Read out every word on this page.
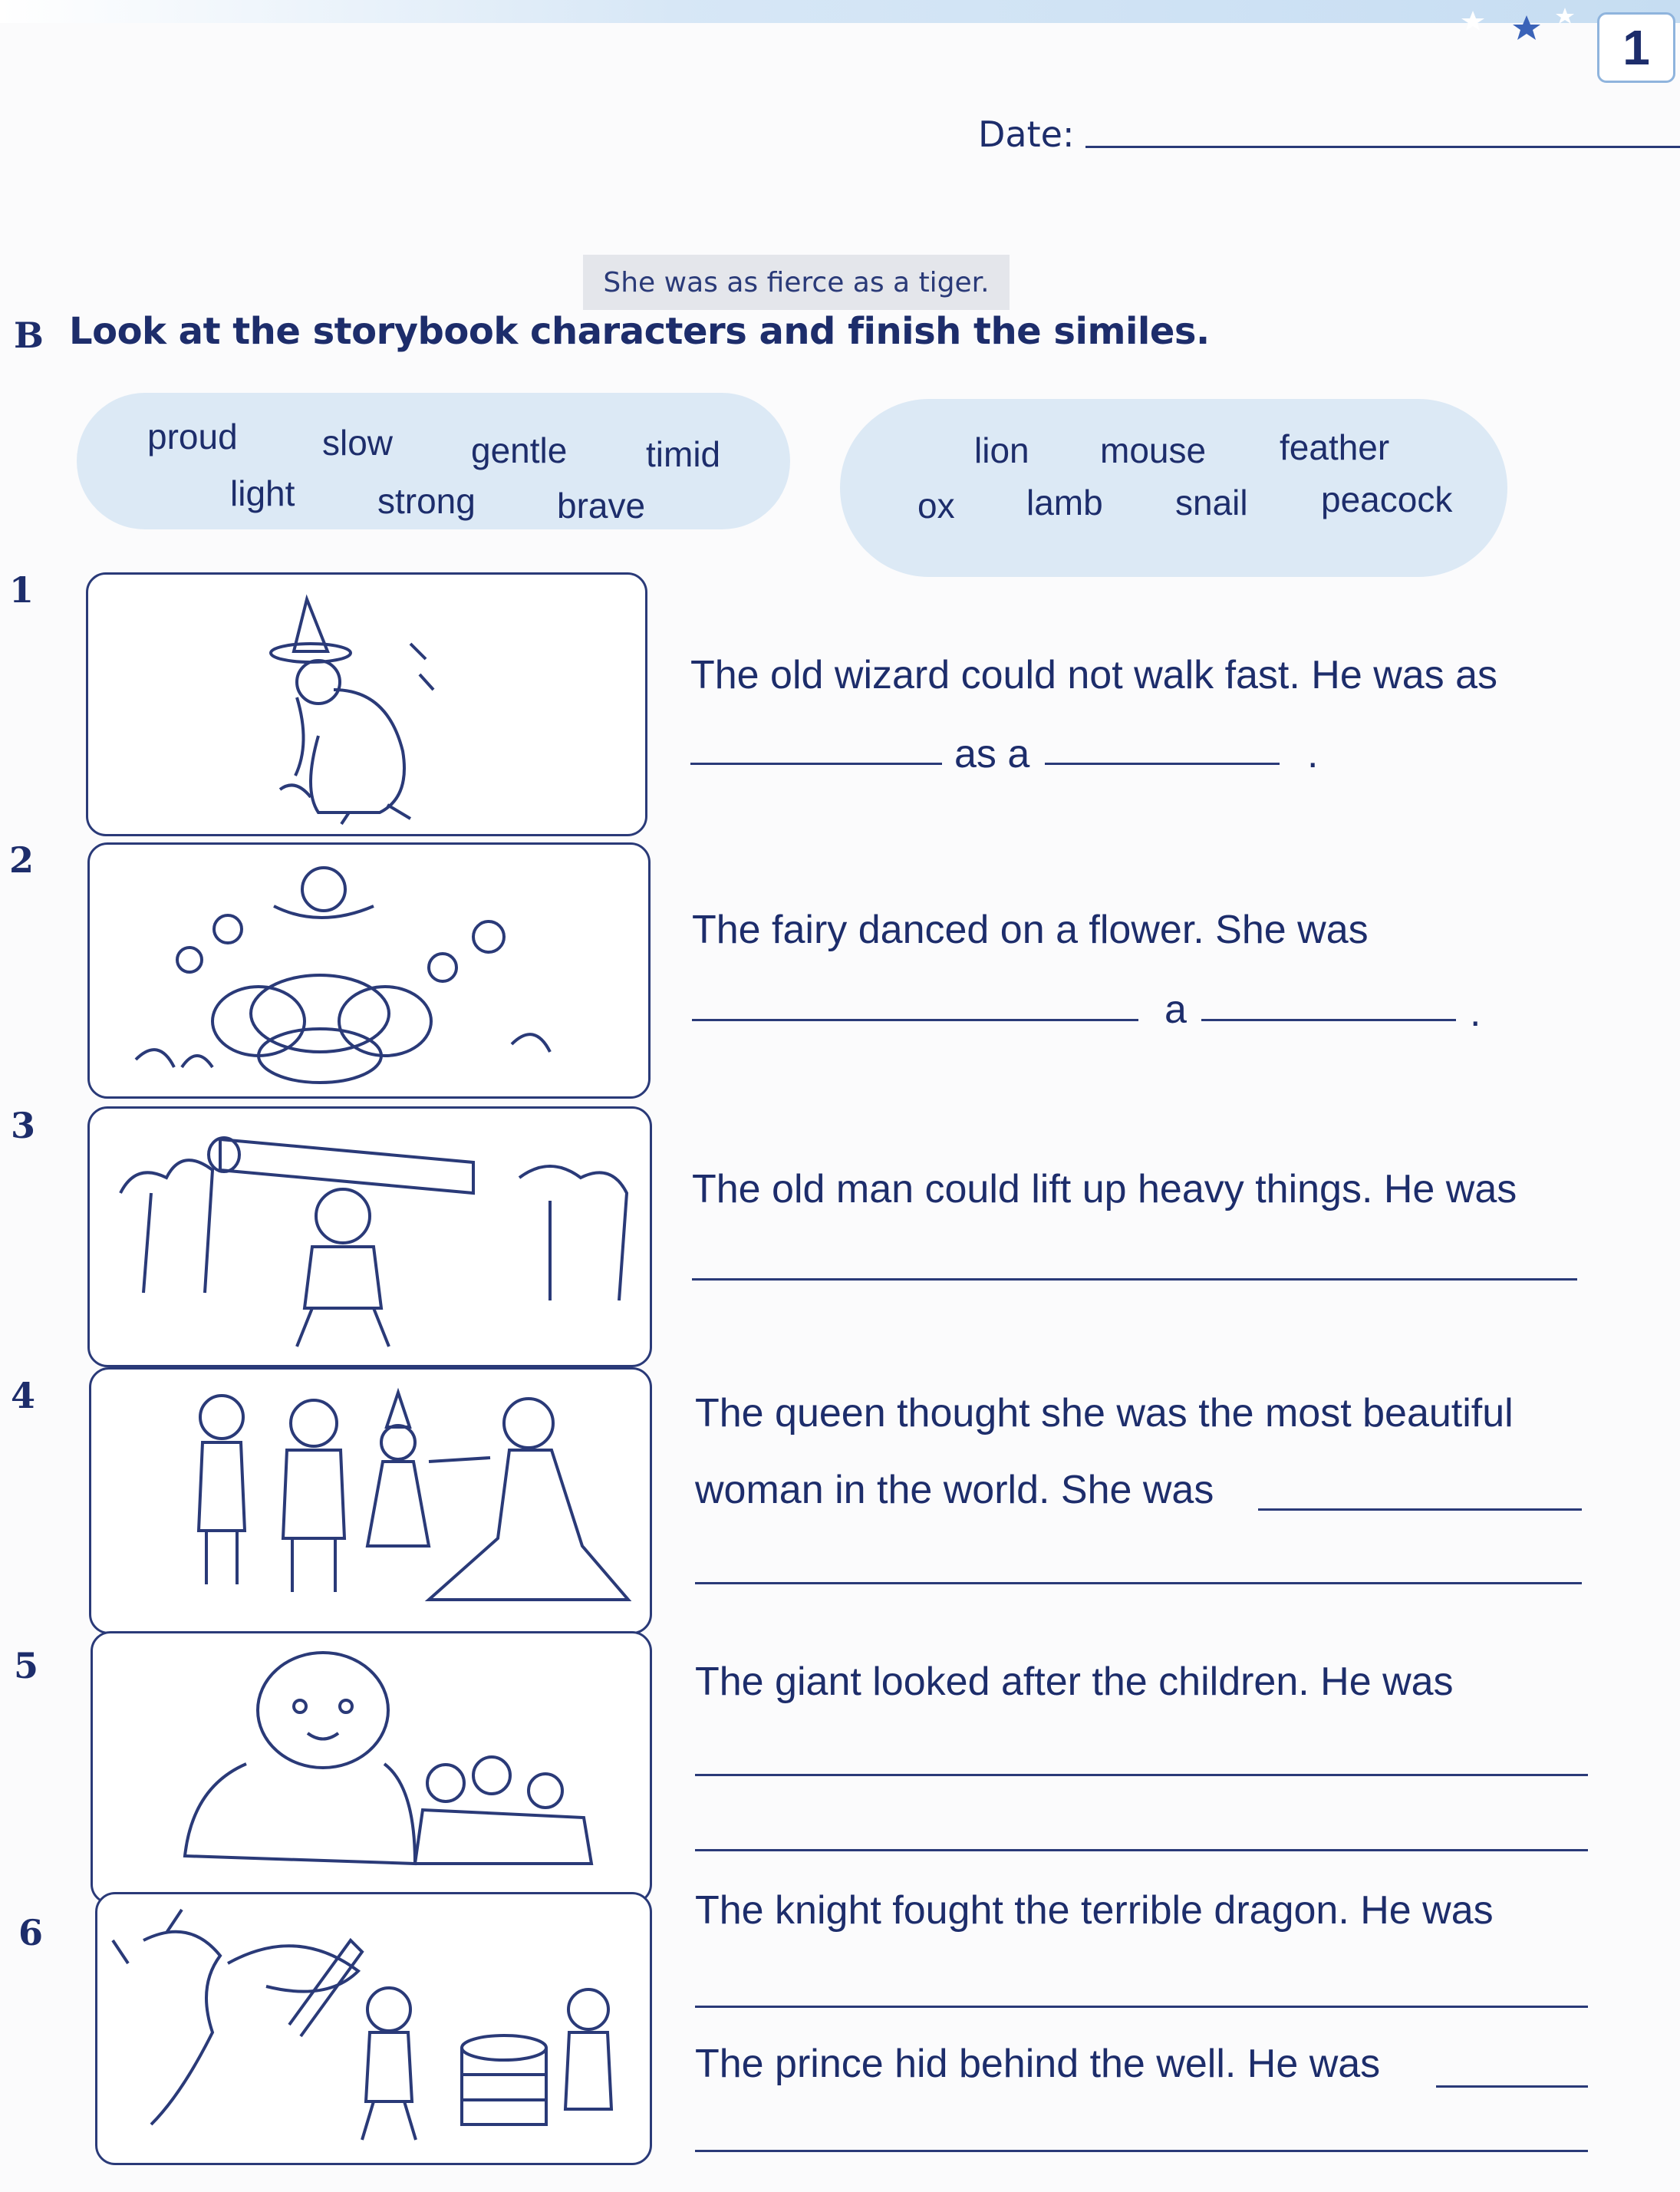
1
Date:
She was as fierce as a tiger.
B Look at the storybook characters and finish the similes.
proud slow gentle timid
light strong brave
lion mouse feather
ox lamb snail peacock
1
The old wizard could not walk fast. He was as
as a	.
2
The fairy danced on a flower. She was
a	.
3
The old man could lift up heavy things. He was
4	The queen thought she was the most beautiful
woman in the world. She was
5	The giant looked after the children. He was
6	The knight fought the terrible dragon. He was
The prince hid behind the well. He was
